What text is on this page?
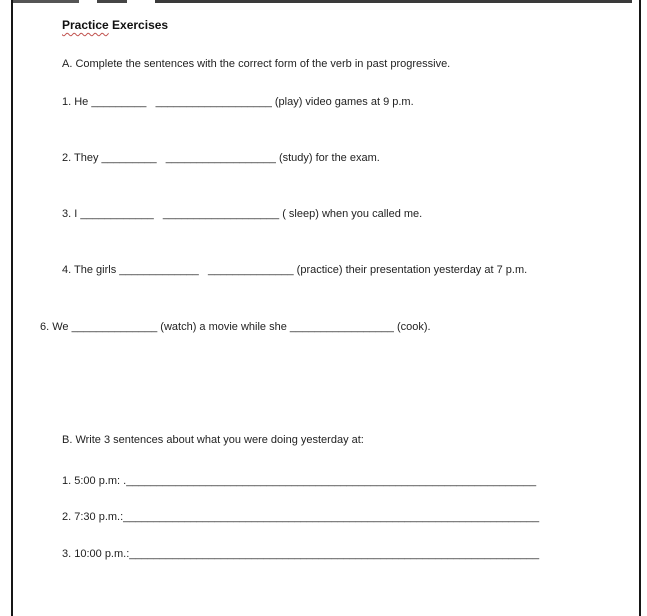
Practice Exercises
A. Complete the sentences with the correct form of the verb in past progressive.
1. He _________   ___________________ (play) video games at 9 p.m.
2. They _________   __________________ (study) for the exam.
3. I ____________   ___________________ ( sleep) when you called me.
4. The girls _____________   ______________ (practice) their presentation yesterday at 7 p.m.
6. We ______________ (watch) a movie while she _________________ (cook).
B. Write 3 sentences about what you were doing yesterday at:
1. 5:00 p.m: .___________________________________________________________________
2. 7:30 p.m.:____________________________________________________________________
3. 10:00 p.m.:___________________________________________________________________
